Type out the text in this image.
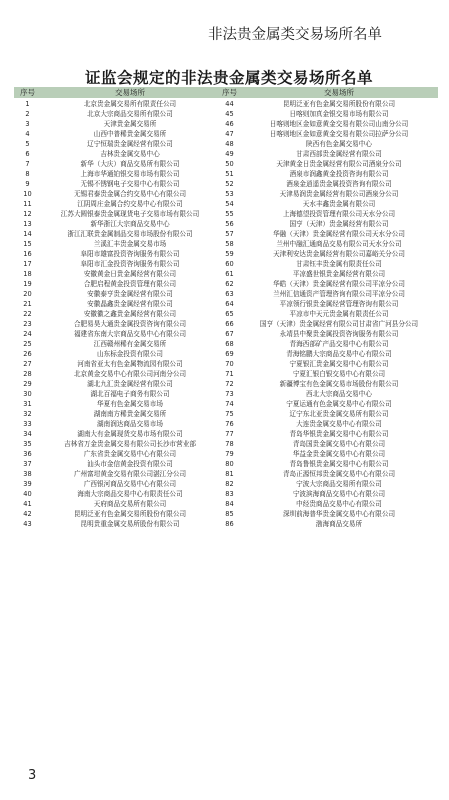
非法贵金属类交易场所名单
证监会规定的非法贵金属类交易场所名单
序号	交易场所	序号	交易场所
1	北京贵金属交易所有限责任公司	44	昆明泛亚有色金属交易所股份有限公司
2	北京大宗商品交易所有限公司	45	日喀则加真金银交易市场有限公司
3	天津贵金属交易所	46	日喀则地区金如意黄金交易有限公司山南分公司
4	山西中普稀贵金属交易所	47	日喀则地区金如意黄金交易有限公司拉萨分公司
5	辽宁恒瑞贵金属经营有限公司	48	陕西有色金属交易中心
6	吉林贵金属交易中心	49	甘肃西部贵金属经营有限公司
7	新华（大庆）商品交易所有限公司	50	天津黄金日贵金属经营有限公司酒泉分公司
8	上海市华通铂银交易市场有限公司	51	酒泉市润鑫黄金投资咨询有限公司
9	无锡不锈钢电子交易中心有限公司	52	酒泉金逍遥贵金属投资咨询有限公司
10	无锡君泰贵金属合约交易中心有限公司	53	天津易润贵金属经营有限公司酒泉分公司
11	江阴周庄金属合约交易中心有限公司	54	天水丰鑫贵金属有限公司
12	江苏大圆银泰贵金属现货电子交易市场有限公司	55	上海德望投资管理有限公司天水分公司
13	新华浙江大宗商品交易中心	56	国亨（天津）贵金属经营有限公司
14	浙江汇联贵金属制品交易市场股份有限公司	57	华融（天津）贵金属经营有限公司天水分公司
15	兰溪汇丰贵金属交易市场	58	兰州中融汇通商品交易有限公司天水分公司
16	阜阳市雄富投资咨询服务有限公司	59	天津利安达贵金属经营有限公司嘉峪关分公司
17	阜阳市汇金投资咨询服务有限公司	60	甘肃钰丰贵金属有限责任公司
18	安徽黄金日贵金属经营有限公司	61	平凉盛世银贵金属经营有限公司
19	合肥启程黄金投资管理有限公司	62	华皓（天津）贵金属经营有限公司平凉分公司
20	安徽泰亨贵金属经营有限公司	63	兰州汇信通资产管理咨询有限公司平凉分公司
21	安徽晶鑫贵金属经营有限公司	64	平凉领行银贵金属经营管理咨询有限公司
22	安徽徽之鑫贵金属经营有限公司	65	平凉市中天元贵金属有限责任公司
23	合肥易昊大通贵金属投资咨询有限公司	66	国亨（天津）贵金属经营有限公司甘肃省广河县分公司
24	福建省东南大宗商品交易中心有限公司	67	永靖县中聚贵金属投资咨询服务有限公司
25	江西赣州稀有金属交易所	68	青海西部矿产品交易中心有限公司
26	山东标金投资有限公司	69	青海铭鹏大宗商品交易中心有限公司
27	河南省亚太有色金属物流园有限公司	70	宁夏银汇贵金属交易中心有限公司
28	北京黄金交易中心有限公司河南分公司	71	宁夏汇银白银交易中心有限公司
29	湖北九汇贵金属经营有限公司	72	新疆博宝有色金属交易市场股份有限公司
30	湖北百福电子商务有限公司	73	西北大宗商品交易中心
31	华夏有色金属交易市场	74	宁夏运通有色金属交易中心有限公司
32	湖南南方稀贵金属交易所	75	辽宁东北亚贵金属交易所有限公司
33	湖南润达商品交易市场	76	大连贵金属交易中心有限公司
34	湖南大有金属现货交易市场有限公司	77	青岛华银贵金属交易中心有限公司
35	吉林省万金贵金属交易有限公司长沙市营业部	78	青岛国贵金属交易中心有限公司
36	广东省贵金属交易中心有限公司	79	华益金贵金属交易中心有限公司
37	汕头市金信黄金投资有限公司	80	青岛鲁银贵金属交易中心有限公司
38	广州富坩黄金交易有限公司湛江分公司	81	青岛正源恒邦贵金属交易中心有限公司
39	广西银河商品交易中心有限公司	82	宁波大宗商品交易所有限公司
40	海南大宗商品交易中心有限责任公司	83	宁波滨海商品交易中心有限公司
41	天府商品交易所有限公司	84	中经贵商品交易中心有限公司
42	昆明泛亚有色金属交易所股份有限公司	85	深圳前海普华贵金属交易中心有限公司
43	昆明贵重金属交易所股份有限公司	86	渤海商品交易所
3
